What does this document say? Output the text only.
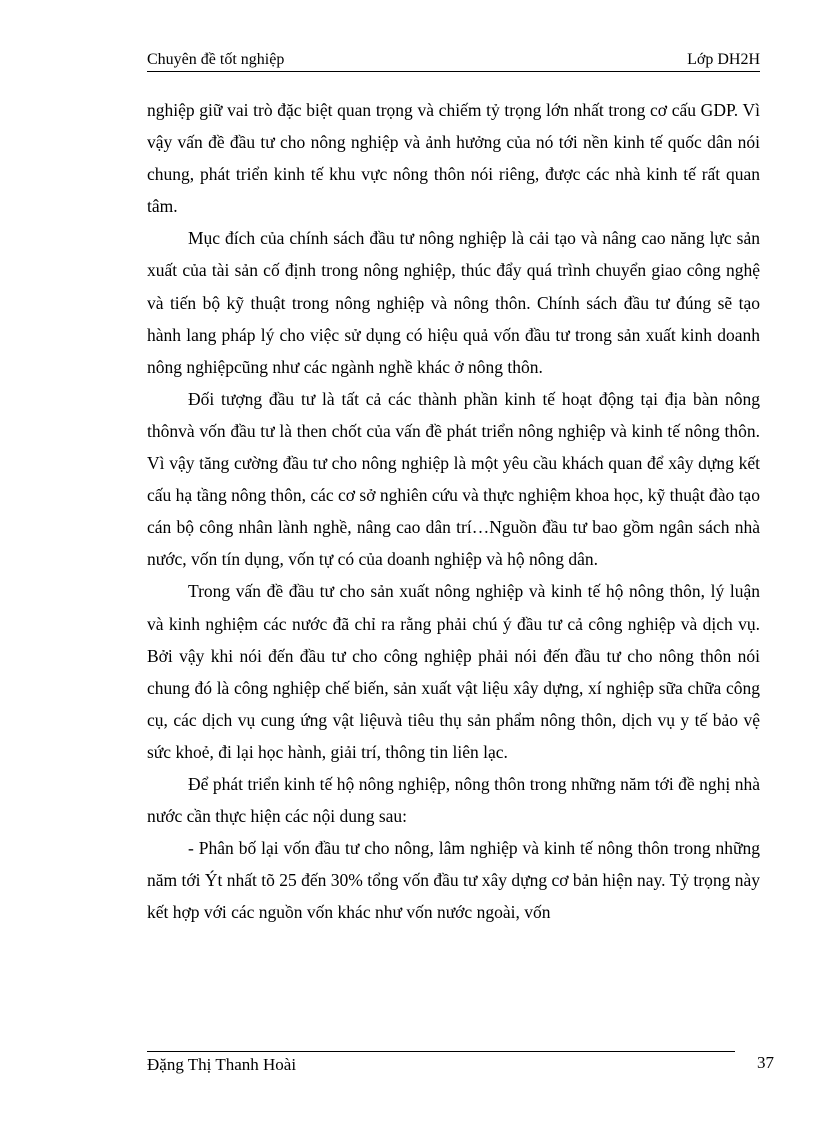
Chuyên đề tốt nghiệp	Lớp DH2H

nghiệp giữ vai trò đặc biệt quan trọng và chiếm tỷ trọng lớn nhất trong cơ cấu GDP. Vì vậy vấn đề đầu tư cho nông nghiệp và ảnh hưởng của nó tới nền kinh tế quốc dân nói chung, phát triển kinh tế khu vực nông thôn nói riêng, được các nhà kinh tế rất quan tâm.

Mục đích của chính sách đầu tư nông nghiệp là cải tạo và nâng cao năng lực sản xuất của tài sản cố định trong nông nghiệp, thúc đẩy quá trình chuyển giao công nghệ và tiến bộ kỹ thuật trong nông nghiệp và nông thôn. Chính sách đầu tư đúng sẽ tạo hành lang pháp lý cho việc sử dụng có hiệu quả vốn đầu tư trong sản xuất kinh doanh nông nghiệpcũng như các ngành nghề khác ở nông thôn.

Đối tượng đầu tư là tất cả các thành phần kinh tế hoạt động tại địa bàn nông thônvà vốn đầu tư là then chốt của vấn đề phát triển nông nghiệp và kinh tế nông thôn. Vì vậy tăng cường đầu tư cho nông nghiệp là một yêu cầu khách quan để xây dựng kết cấu hạ tầng nông thôn, các cơ sở nghiên cứu và thực nghiệm khoa học, kỹ thuật đào tạo cán bộ công nhân lành nghề, nâng cao dân trí…Nguồn đầu tư bao gồm ngân sách nhà nước, vốn tín dụng, vốn tự có của doanh nghiệp và hộ nông dân.

Trong vấn đề đầu tư cho sản xuất nông nghiệp và kinh tế hộ nông thôn, lý luận và kinh nghiệm các nước đã chỉ ra rằng phải chú ý đầu tư cả công nghiệp và dịch vụ. Bởi vậy khi nói đến đầu tư cho công nghiệp phải nói đến đầu tư cho nông thôn nói chung đó là công nghiệp chế biến, sản xuất vật liệu xây dựng, xí nghiệp sữa chữa công cụ, các dịch vụ cung ứng vật liệuvà tiêu thụ sản phẩm nông thôn, dịch vụ y tế bảo vệ sức khoẻ, đi lại học hành, giải trí, thông tin liên lạc.

Để phát triển kinh tế hộ nông nghiệp, nông thôn trong những năm tới đề nghị nhà nước cần thực hiện các nội dung sau:

- Phân bố lại vốn đầu tư cho nông, lâm nghiệp và kinh tế nông thôn trong những năm tới Ýt nhất tõ 25 đến 30% tổng vốn đầu tư xây dựng cơ bản hiện nay. Tỷ trọng này kết hợp với các nguồn vốn khác như vốn nước ngoài, vốn

Đặng Thị Thanh Hoài	37
